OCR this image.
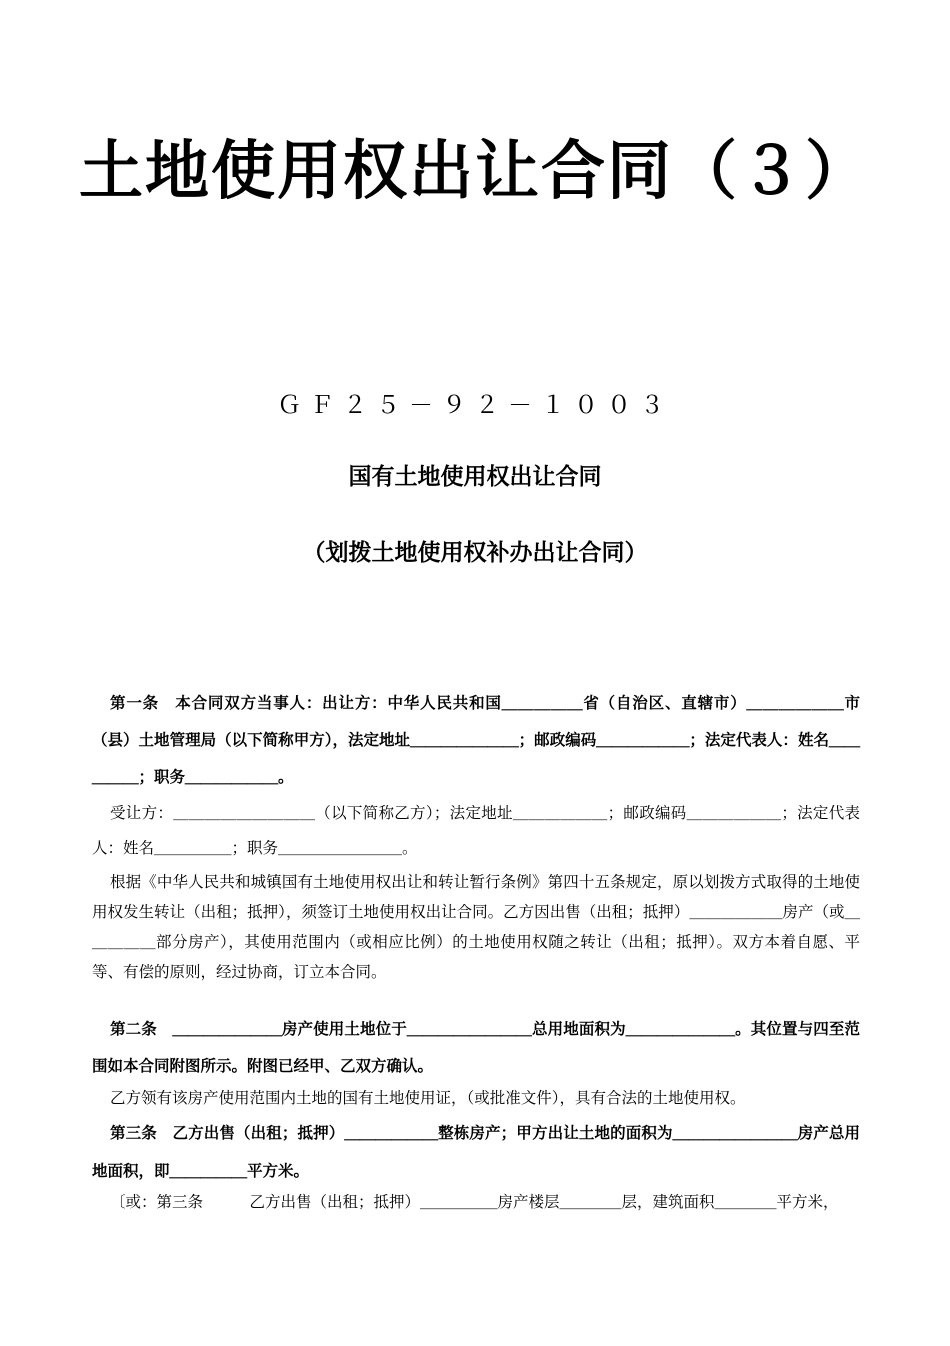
土地使用权出让合同（３）
ＧＦ２５－９２－１００３
国有土地使用权出让合同
（划拨土地使用权补办出让合同）

第一条　本合同双方当事人：出让方：中华人民共和国＿＿＿＿＿省（自治区、直辖市）＿＿＿＿＿＿市（县）土地管理局（以下简称甲方），法定地址＿＿＿＿＿＿＿；邮政编码＿＿＿＿＿＿；法定代表人：姓名＿＿＿＿＿；职务＿＿＿＿＿＿。

受让方：＿＿＿＿＿＿＿＿＿（以下简称乙方）；法定地址＿＿＿＿＿＿；邮政编码＿＿＿＿＿＿；法定代表人：姓名＿＿＿＿＿；职务＿＿＿＿＿＿＿＿。

根据《中华人民共和城镇国有土地使用权出让和转让暂行条例》第四十五条规定，原以划拨方式取得的土地使用权发生转让（出租；抵押），须签订土地使用权出让合同。乙方因出售（出租；抵押）＿＿＿＿＿＿房产（或＿＿＿＿＿部分房产），其使用范围内（或相应比例）的土地使用权随之转让（出租；抵押）。双方本着自愿、平等、有偿的原则，经过协商，订立本合同。

第二条　＿＿＿＿＿＿＿房产使用土地位于＿＿＿＿＿＿＿＿总用地面积为＿＿＿＿＿＿＿。其位置与四至范围如本合同附图所示。附图已经甲、乙双方确认。

乙方领有该房产使用范围内土地的国有土地使用证，（或批准文件），具有合法的土地使用权。

第三条　乙方出售（出租；抵押）＿＿＿＿＿＿整栋房产；甲方出让土地的面积为＿＿＿＿＿＿＿＿房产总用地面积，即＿＿＿＿＿平方米。

〔或：第三条　　　乙方出售（出租；抵押）＿＿＿＿＿房产楼层＿＿＿＿层，建筑面积＿＿＿＿平方米，
